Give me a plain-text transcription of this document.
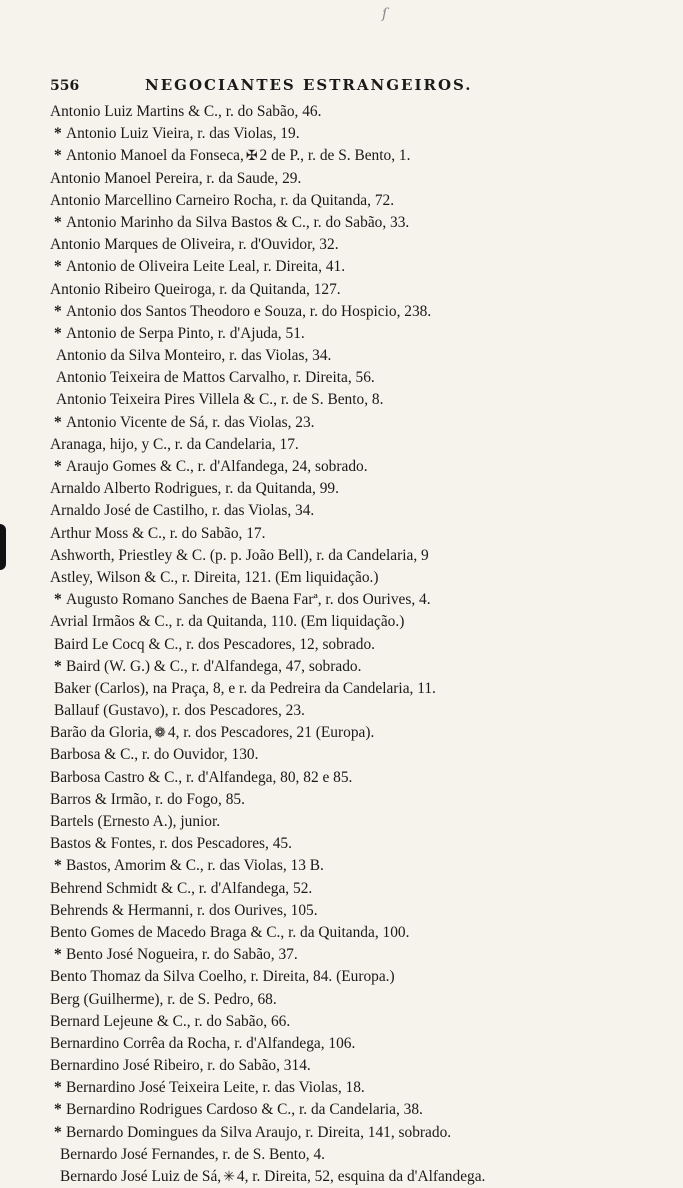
ſ
556	NEGOCIANTES ESTRANGEIROS.
Antonio Luiz Martins & C., r. do Sabão, 46.
* Antonio Luiz Vieira, r. das Violas, 19.
* Antonio Manoel da Fonseca, ✠ 2 de P., r. de S. Bento, 1.
Antonio Manoel Pereira, r. da Saude, 29.
Antonio Marcellino Carneiro Rocha, r. da Quitanda, 72.
* Antonio Marinho da Silva Bastos & C., r. do Sabão, 33.
Antonio Marques de Oliveira, r. d'Ouvidor, 32.
* Antonio de Oliveira Leite Leal, r. Direita, 41.
Antonio Ribeiro Queiroga, r. da Quitanda, 127.
* Antonio dos Santos Theodoro e Souza, r. do Hospicio, 238.
* Antonio de Serpa Pinto, r. d'Ajuda, 51.
Antonio da Silva Monteiro, r. das Violas, 34.
Antonio Teixeira de Mattos Carvalho, r. Direita, 56.
Antonio Teixeira Pires Villela & C., r. de S. Bento, 8.
* Antonio Vicente de Sá, r. das Violas, 23.
Aranaga, hijo, y C., r. da Candelaria, 17.
* Araujo Gomes & C., r. d'Alfandega, 24, sobrado.
Arnaldo Alberto Rodrigues, r. da Quitanda, 99.
Arnaldo José de Castilho, r. das Violas, 34.
Arthur Moss & C., r. do Sabão, 17.
Ashworth, Priestley & C. (p. p. João Bell), r. da Candelaria, 9
Astley, Wilson & C., r. Direita, 121. (Em liquidação.)
* Augusto Romano Sanches de Baena Farª, r. dos Ourives, 4.
Avrial Irmãos & C., r. da Quitanda, 110. (Em liquidação.)
Baird Le Cocq & C., r. dos Pescadores, 12, sobrado.
* Baird (W. G.) & C., r. d'Alfandega, 47, sobrado.
Baker (Carlos), na Praça, 8, e r. da Pedreira da Candelaria, 11.
Ballauf (Gustavo), r. dos Pescadores, 23.
Barão da Gloria, ❁ 4, r. dos Pescadores, 21 (Europa).
Barbosa & C., r. do Ouvidor, 130.
Barbosa Castro & C., r. d'Alfandega, 80, 82 e 85.
Barros & Irmão, r. do Fogo, 85.
Bartels (Ernesto A.), junior.
Bastos & Fontes, r. dos Pescadores, 45.
* Bastos, Amorim & C., r. das Violas, 13 B.
Behrend Schmidt & C., r. d'Alfandega, 52.
Behrends & Hermanni, r. dos Ourives, 105.
Bento Gomes de Macedo Braga & C., r. da Quitanda, 100.
* Bento José Nogueira, r. do Sabão, 37.
Bento Thomaz da Silva Coelho, r. Direita, 84. (Europa.)
Berg (Guilherme), r. de S. Pedro, 68.
Bernard Lejeune & C., r. do Sabão, 66.
Bernardino Corrêa da Rocha, r. d'Alfandega, 106.
Bernardino José Ribeiro, r. do Sabão, 314.
* Bernardino José Teixeira Leite, r. das Violas, 18.
* Bernardino Rodrigues Cardoso & C., r. da Candelaria, 38.
* Bernardo Domingues da Silva Araujo, r. Direita, 141, sobrado.
Bernardo José Fernandes, r. de S. Bento, 4.
Bernardo José Luiz de Sá, ✳ 4, r. Direita, 52, esquina da d'Alfandega.
